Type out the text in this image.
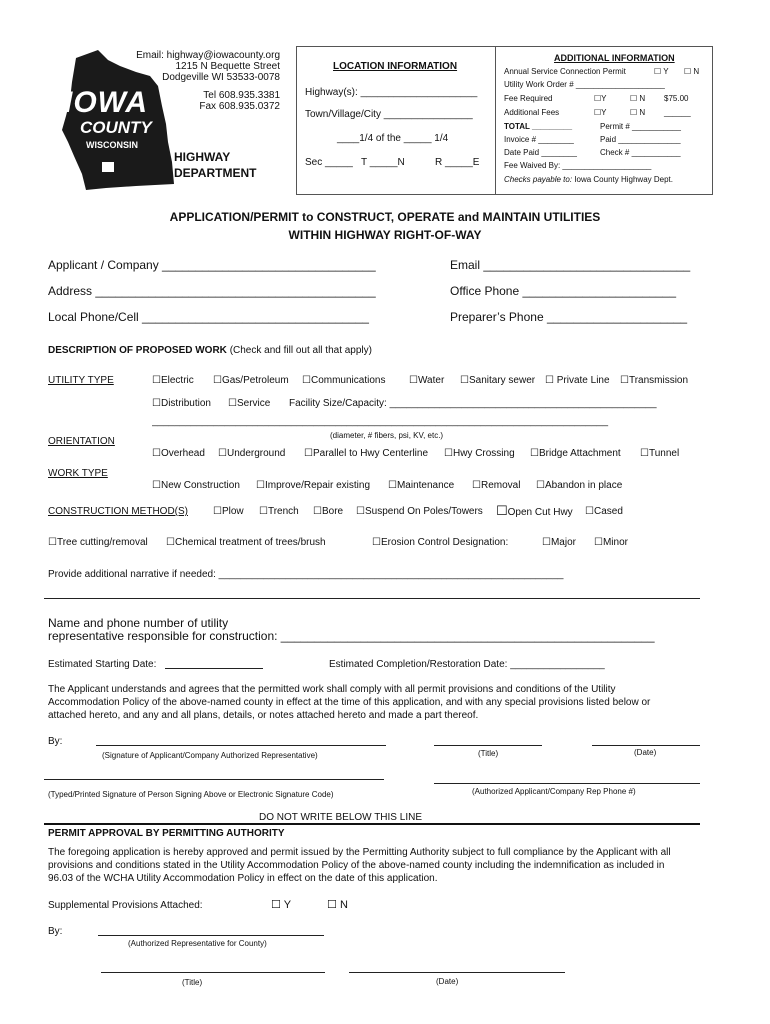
IOWA
COUNTY
WISCONSIN
HIGHWAY
DEPARTMENT
Email: highway@iowacounty.org
1215 N Bequette Street
Dodgeville WI 53533-0078
Tel 608.935.3381
Fax 608.935.0372
LOCATION INFORMATION
Highway(s): _____________________
Town/Village/City ________________
____1/4 of the _____ 1/4
Sec _____ T _____N	R _____E
ADDITIONAL INFORMATION
Annual Service Connection Permit	☐ Y ☐ N
Utility Work Order # ____________________
Fee Required	☐Y	☐ N $75.00
Additional Fees	☐Y	☐ N ______
TOTAL _________	Permit # ___________
Invoice # ________	Paid ______________
Date Paid ________	Check # ___________
Fee Waived By: ____________________
Checks payable to: Iowa County Highway Dept.
APPLICATION/PERMIT to CONSTRUCT, OPERATE and MAINTAIN UTILITIES
WITHIN HIGHWAY RIGHT-OF-WAY
Applicant / Company ________________________________	Email _______________________________
Address __________________________________________	Office Phone _______________________
Local Phone/Cell __________________________________	Preparer’s Phone _____________________
DESCRIPTION OF PROPOSED WORK (Check and fill out all that apply)
UTILITY TYPE	☐Electric ☐Gas/Petroleum ☐Communications ☐Water ☐Sanitary sewer ☐ Private Line ☐Transmission
☐Distribution ☐Service Facility Size/Capacity: ________________________________________________
__________________________________________________________________________________
(diameter, # fibers, psi, KV, etc.)
ORIENTATION
☐Overhead ☐Underground ☐Parallel to Hwy Centerline ☐Hwy Crossing ☐Bridge Attachment ☐Tunnel
WORK TYPE
☐New Construction ☐Improve/Repair existing ☐Maintenance ☐Removal ☐Abandon in place
CONSTRUCTION METHOD(S)	☐Plow ☐Trench ☐Bore ☐Suspend On Poles/Towers ☐Open Cut Hwy ☐Cased
☐Tree cutting/removal ☐Chemical treatment of trees/brush	☐Erosion Control Designation:	☐Major ☐Minor
Provide additional narrative if needed: ______________________________________________________________
Name and phone number of utility
representative responsible for construction: ________________________________________________________
Estimated Starting Date:	Estimated Completion/Restoration Date: _________________
The Applicant understands and agrees that the permitted work shall comply with all permit provisions and conditions of the Utility Accommodation Policy of the above-named county in effect at the time of this application, and with any special provisions listed below or attached hereto, and any and all plans, details, or notes attached hereto and made a part thereof.
By:
(Signature of Applicant/Company Authorized Representative)	(Title)	(Date)
(Typed/Printed Signature of Person Signing Above or Electronic Signature Code)	(Authorized Applicant/Company Rep Phone #)
DO NOT WRITE BELOW THIS LINE
PERMIT APPROVAL BY PERMITTING AUTHORITY
The foregoing application is hereby approved and permit issued by the Permitting Authority subject to full compliance by the Applicant with all provisions and conditions stated in the Utility Accommodation Policy of the above-named county including the indemnification as included in 96.03 of the WCHA Utility Accommodation Policy in effect on the date of this application.
Supplemental Provisions Attached:	☐ Y	☐ N
By:
(Authorized Representative for County)
(Title)	(Date)
